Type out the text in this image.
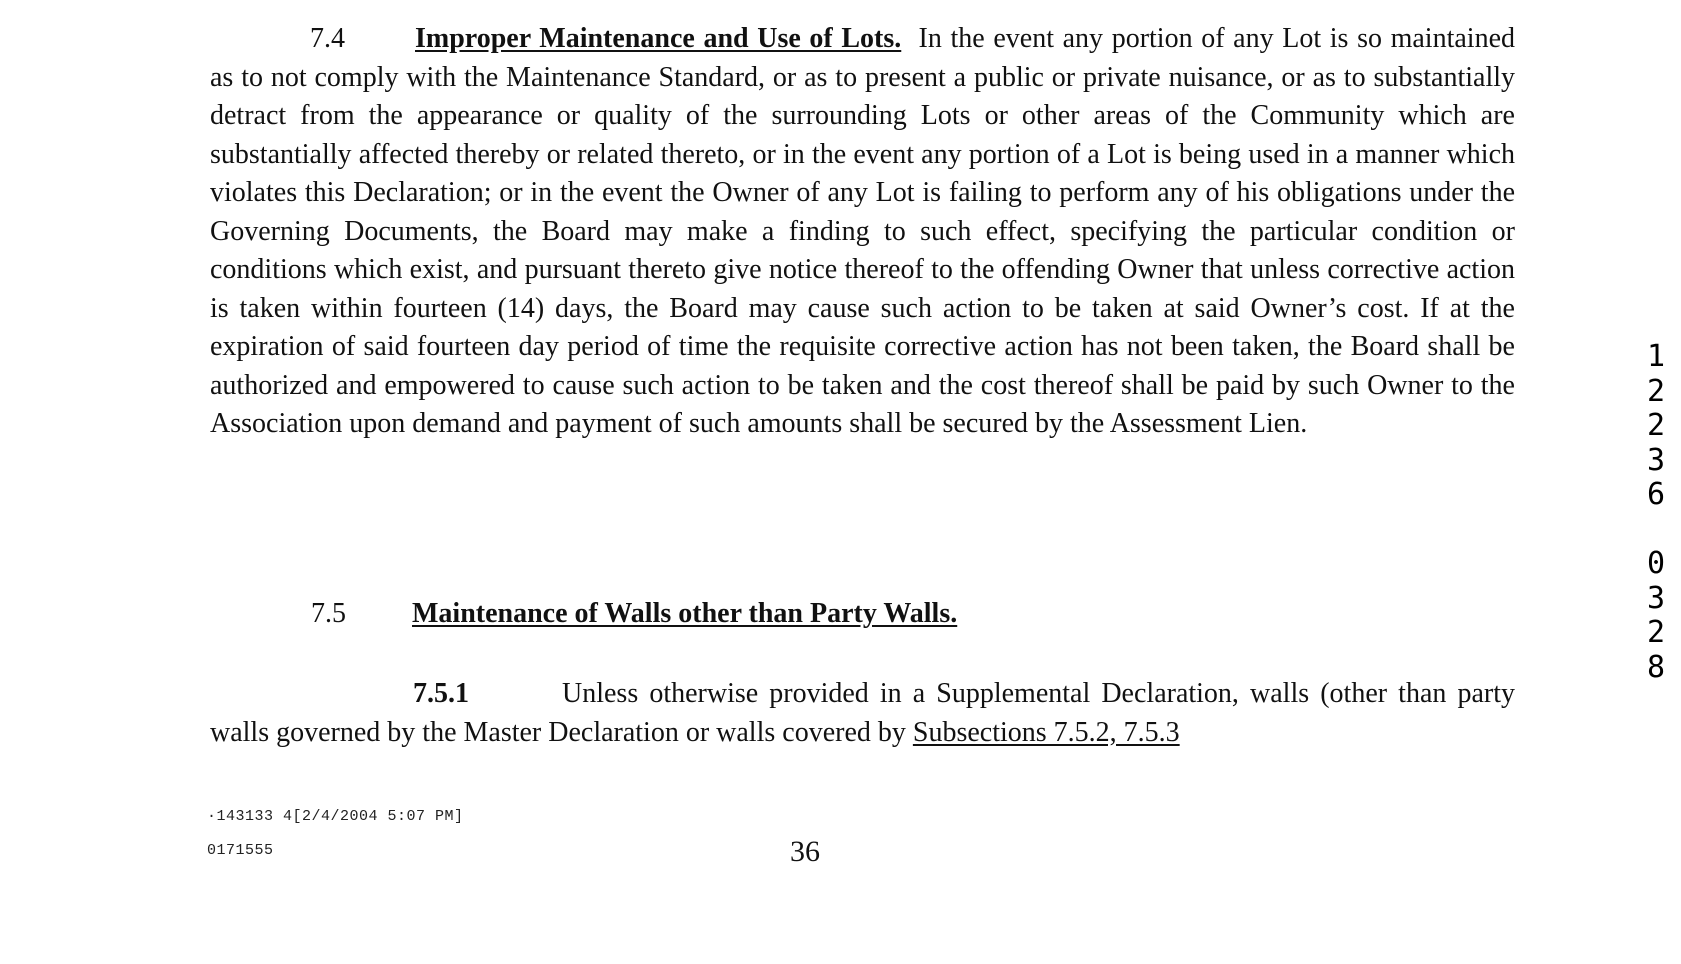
7.4	Improper Maintenance and Use of Lots. In the event any portion of any Lot is so maintained as to not comply with the Maintenance Standard, or as to present a public or private nuisance, or as to substantially detract from the appearance or quality of the surrounding Lots or other areas of the Community which are substantially affected thereby or related thereto, or in the event any portion of a Lot is being used in a manner which violates this Declaration; or in the event the Owner of any Lot is failing to perform any of his obligations under the Governing Documents, the Board may make a finding to such effect, specifying the particular condition or conditions which exist, and pursuant thereto give notice thereof to the offending Owner that unless corrective action is taken within fourteen (14) days, the Board may cause such action to be taken at said Owner’s cost. If at the expiration of said fourteen day period of time the requisite corrective action has not been taken, the Board shall be authorized and empowered to cause such action to be taken and the cost thereof shall be paid by such Owner to the Association upon demand and payment of such amounts shall be secured by the Assessment Lien.
7.5 Maintenance of Walls other than Party Walls.
7.5.1	Unless otherwise provided in a Supplemental Declaration, walls (other than party walls governed by the Master Declaration or walls covered by Subsections 7.5.2, 7.5.3
·143133 4[2/4/2004 5:07 PM]
0171555	36
1
2
2
3
6
0
3
2
8
